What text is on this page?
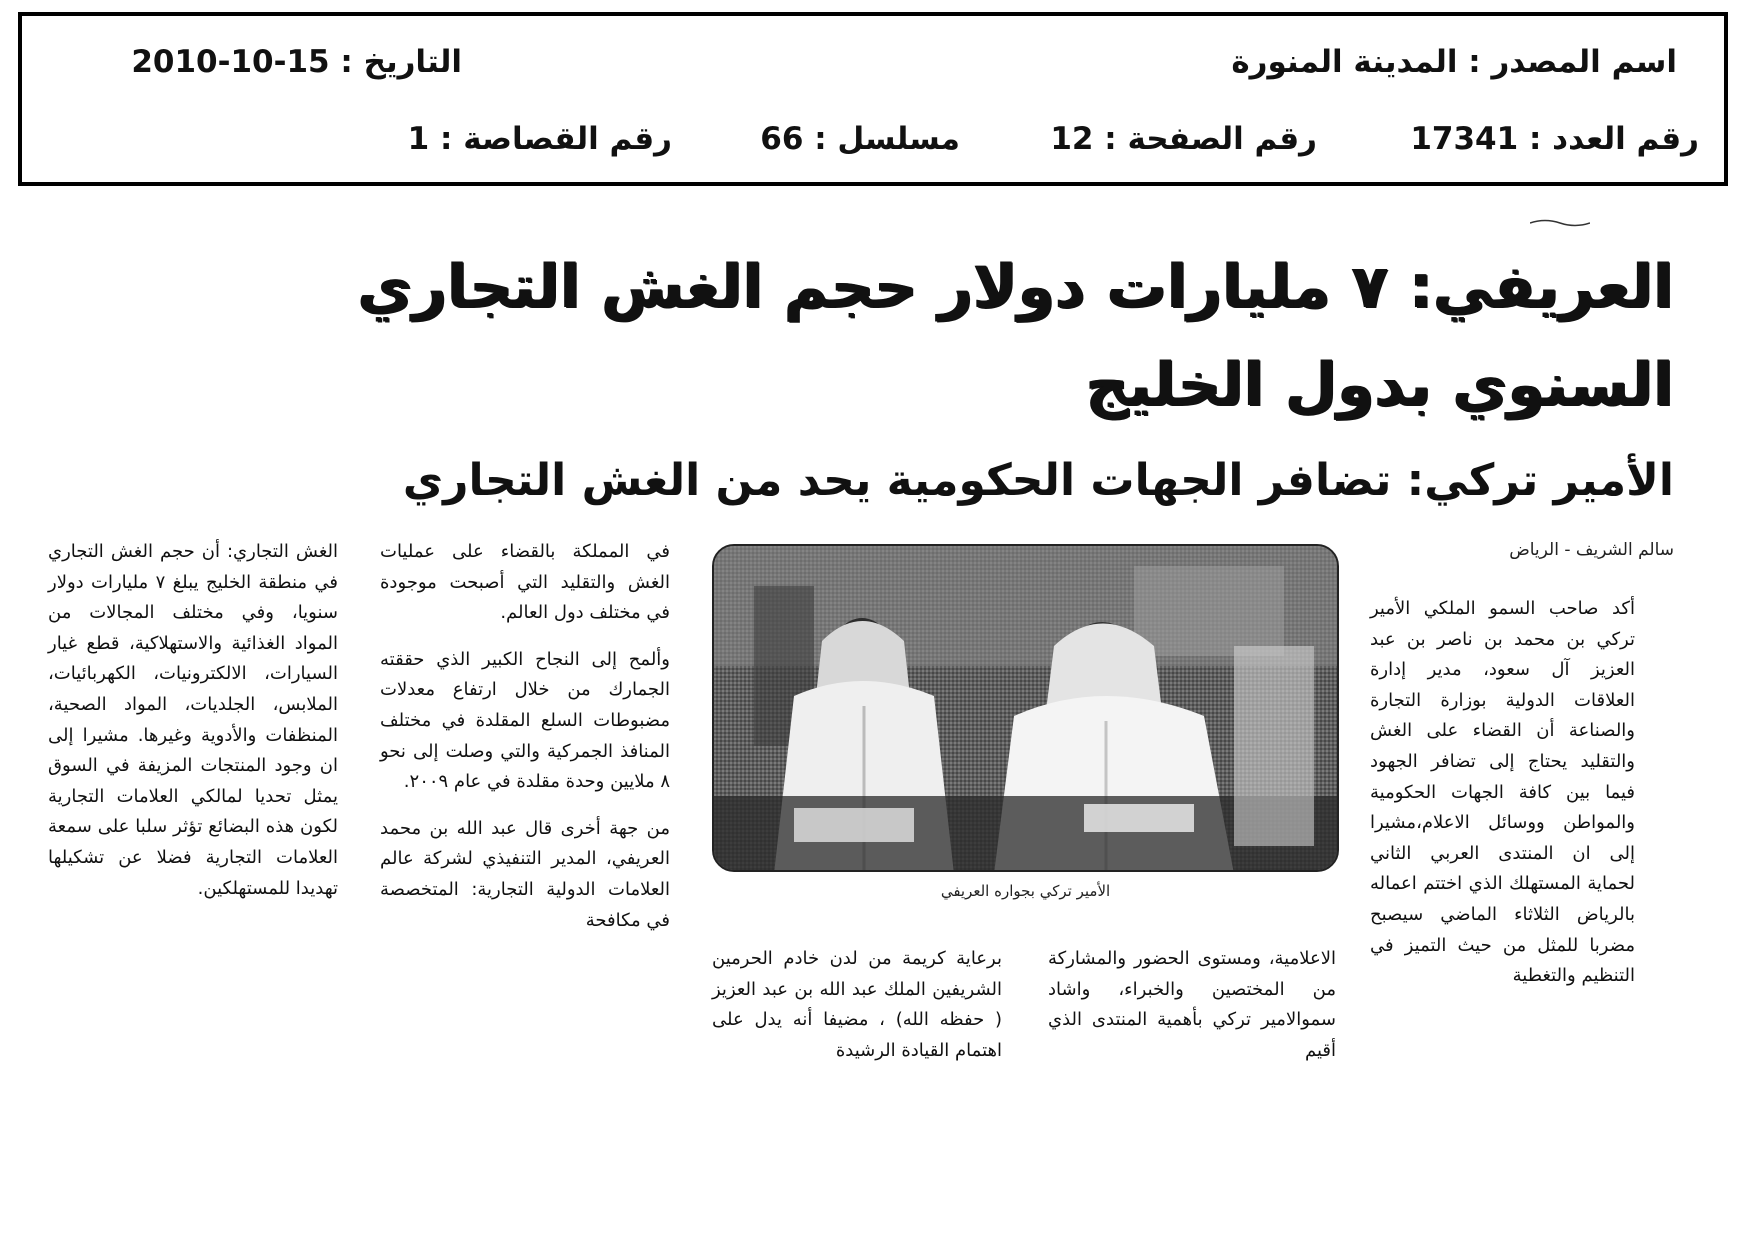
اسم المصدر : المدينة المنورة
التاريخ : 15-10-2010
رقم العدد : 17341
رقم الصفحة : 12
مسلسل : 66
رقم القصاصة : 1
العريفي: ٧ مليارات دولار حجم الغش التجاري
السنوي بدول الخليج
الأمير تركي: تضافر الجهات الحكومية يحد من الغش التجاري
سالم الشريف - الرياض

أكد صاحب السمو الملكي الأمير تركي بن محمد بن ناصر بن عبد العزيز آل سعود، مدير إدارة العلاقات الدولية بوزارة التجارة والصناعة أن القضاء على الغش والتقليد يحتاج إلى تضافر الجهود فيما بين كافة الجهات الحكومية والمواطن ووسائل الاعلام،مشيرا إلى ان المنتدى العربي الثاني لحماية المستهلك الذي اختتم اعماله بالرياض الثلاثاء الماضي سيصبح مضربا للمثل من حيث التميز في التنظيم والتغطية

الأمير تركي بجواره العريفي

الاعلامية، ومستوى الحضور والمشاركة من المختصين والخبراء، واشاد سموالامير تركي بأهمية المنتدى الذي أقيم

برعاية كريمة من لدن خادم الحرمين الشريفين الملك عبد الله بن عبد العزيز ( حفظه الله) ، مضيفا أنه يدل على اهتمام القيادة الرشيدة

في المملكة بالقضاء على عمليات الغش والتقليد التي أصبحت موجودة في مختلف دول العالم.

وألمح إلى النجاح الكبير الذي حققته الجمارك من خلال ارتفاع معدلات مضبوطات السلع المقلدة في مختلف المنافذ الجمركية والتي وصلت إلى نحو ٨ ملايين وحدة مقلدة في عام ٢٠٠٩.

من جهة أخرى قال عبد الله بن محمد العريفي، المدير التنفيذي لشركة عالم العلامات الدولية التجارية: المتخصصة في مكافحة

الغش التجاري: أن حجم الغش التجاري في منطقة الخليج يبلغ ٧ مليارات دولار سنويا، وفي مختلف المجالات من المواد الغذائية والاستهلاكية، قطع غيار السيارات، الالكترونيات، الكهربائيات، الملابس، الجلديات، المواد الصحية، المنظفات والأدوية وغيرها. مشيرا إلى ان وجود المنتجات المزيفة في السوق يمثل تحديا لمالكي العلامات التجارية لكون هذه البضائع تؤثر سلبا على سمعة العلامات التجارية فضلا عن تشكيلها تهديدا للمستهلكين.
